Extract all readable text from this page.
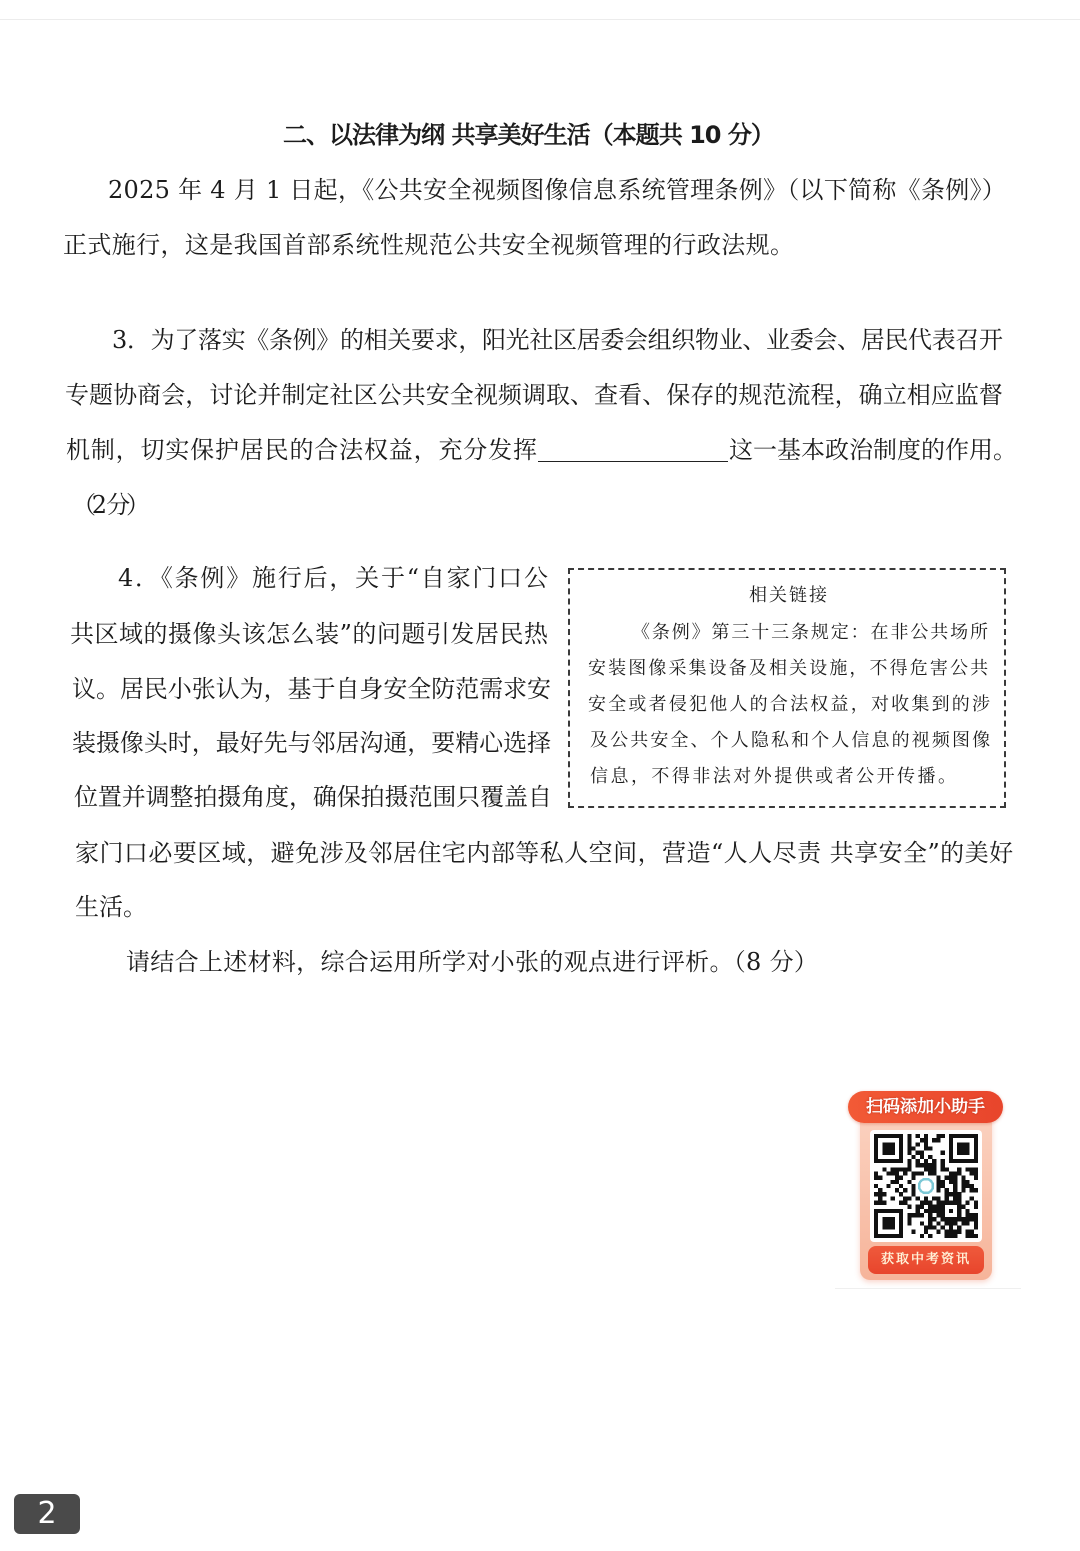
二、以法律为纲 共享美好生活（本题共 10 分）
2025 年 4 月 1 日起，《公共安全视频图像信息系统管理条例》（以下简称《条例》）
正式施行，这是我国首部系统性规范公共安全视频管理的行政法规。
3．为了落实《条例》的相关要求，阳光社区居委会组织物业、业委会、居民代表召开
专题协商会，讨论并制定社区公共安全视频调取、查看、保存的规范流程，确立相应监督
机制，切实保护居民的合法权益，充分发挥	这一基本政治制度的作用。
（2 分）
4．《条例》施行后，关于“自家门口公
共区域的摄像头该怎么装”的问题引发居民热
议。居民小张认为，基于自身安全防范需求安
装摄像头时，最好先与邻居沟通，要精心选择
位置并调整拍摄角度，确保拍摄范围只覆盖自
相关链接
《条例》第三十三条规定：在非公共场所
安装图像采集设备及相关设施，不得危害公共
安全或者侵犯他人的合法权益，对收集到的涉
及公共安全、个人隐私和个人信息的视频图像
信息，不得非法对外提供或者公开传播。
家门口必要区域，避免涉及邻居住宅内部等私人空间，营造“人人尽责 共享安全”的美好
生活。
请结合上述材料，综合运用所学对小张的观点进行评析。（8 分）
扫码添加小助手
获取中考资讯
2
